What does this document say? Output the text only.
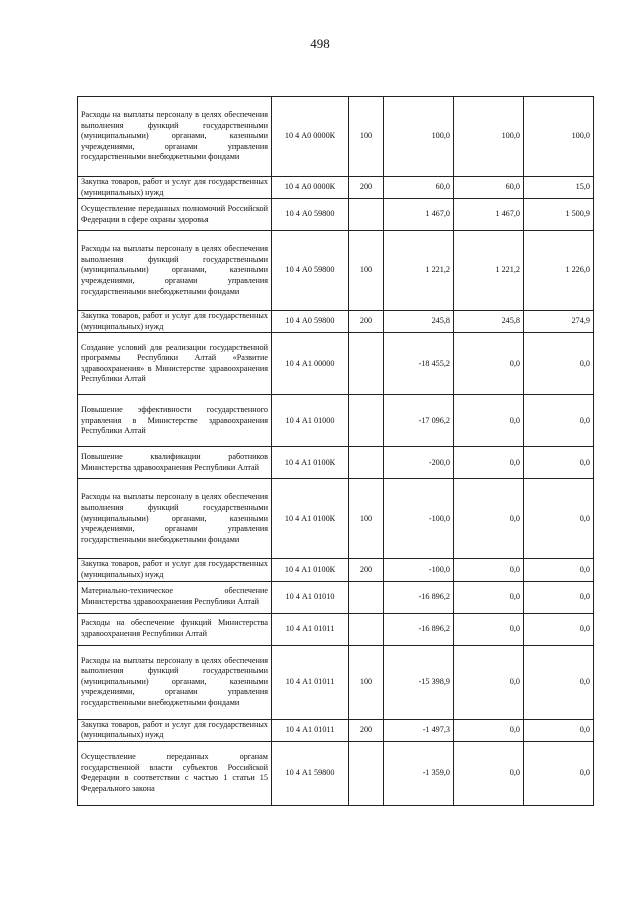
498
Расходы на выплаты персоналу в целях обеспечения выполнения функций государственными (муниципальными) органами, казенными учреждениями, органами управления государственными внебюджетными фондами	10 4 А0 0000К	100	100,0	100,0	100,0
Закупка товаров, работ и услуг для государственных (муниципальных) нужд	10 4 А0 0000К	200	60,0	60,0	15,0
Осуществление переданных полномочий Российской Федерации в сфере охраны здоровья	10 4 А0 59800		1 467,0	1 467,0	1 500,9
Расходы на выплаты персоналу в целях обеспечения выполнения функций государственными (муниципальными) органами, казенными учреждениями, органами управления государственными внебюджетными фондами	10 4 А0 59800	100	1 221,2	1 221,2	1 226,0
Закупка товаров, работ и услуг для государственных (муниципальных) нужд	10 4 А0 59800	200	245,8	245,8	274,9
Создание условий для реализации государственной программы Республики Алтай «Развитие здравоохранения» в Министерстве здравоохранения Республики Алтай	10 4 А1 00000		-18 455,2	0,0	0,0
Повышение эффективности государственного управления в Министерстве здравоохранения Республики Алтай	10 4 А1 01000		-17 096,2	0,0	0,0
Повышение квалификации работников Министерства здравоохранения Республики Алтай	10 4 А1 0100К		-200,0	0,0	0,0
Расходы на выплаты персоналу в целях обеспечения выполнения функций государственными (муниципальными) органами, казенными учреждениями, органами управления государственными внебюджетными фондами	10 4 А1 0100К	100	-100,0	0,0	0,0
Закупка товаров, работ и услуг для государственных (муниципальных) нужд	10 4 А1 0100К	200	-100,0	0,0	0,0
Материально-техническое обеспечение Министерства здравоохранения Республики Алтай	10 4 А1 01010		-16 896,2	0,0	0,0
Расходы на обеспечение функций Министерства здравоохранения Республики Алтай	10 4 А1 01011		-16 896,2	0,0	0,0
Расходы на выплаты персоналу в целях обеспечения выполнения функций государственными (муниципальными) органами, казенными учреждениями, органами управления государственными внебюджетными фондами	10 4 А1 01011	100	-15 398,9	0,0	0,0
Закупка товаров, работ и услуг для государственных (муниципальных) нужд	10 4 А1 01011	200	-1 497,3	0,0	0,0
Осуществление переданных органам государственной власти субъектов Российской Федерации в соответствии с частью 1 статьи 15 Федерального закона	10 4 А1 59800		-1 359,0	0,0	0,0
